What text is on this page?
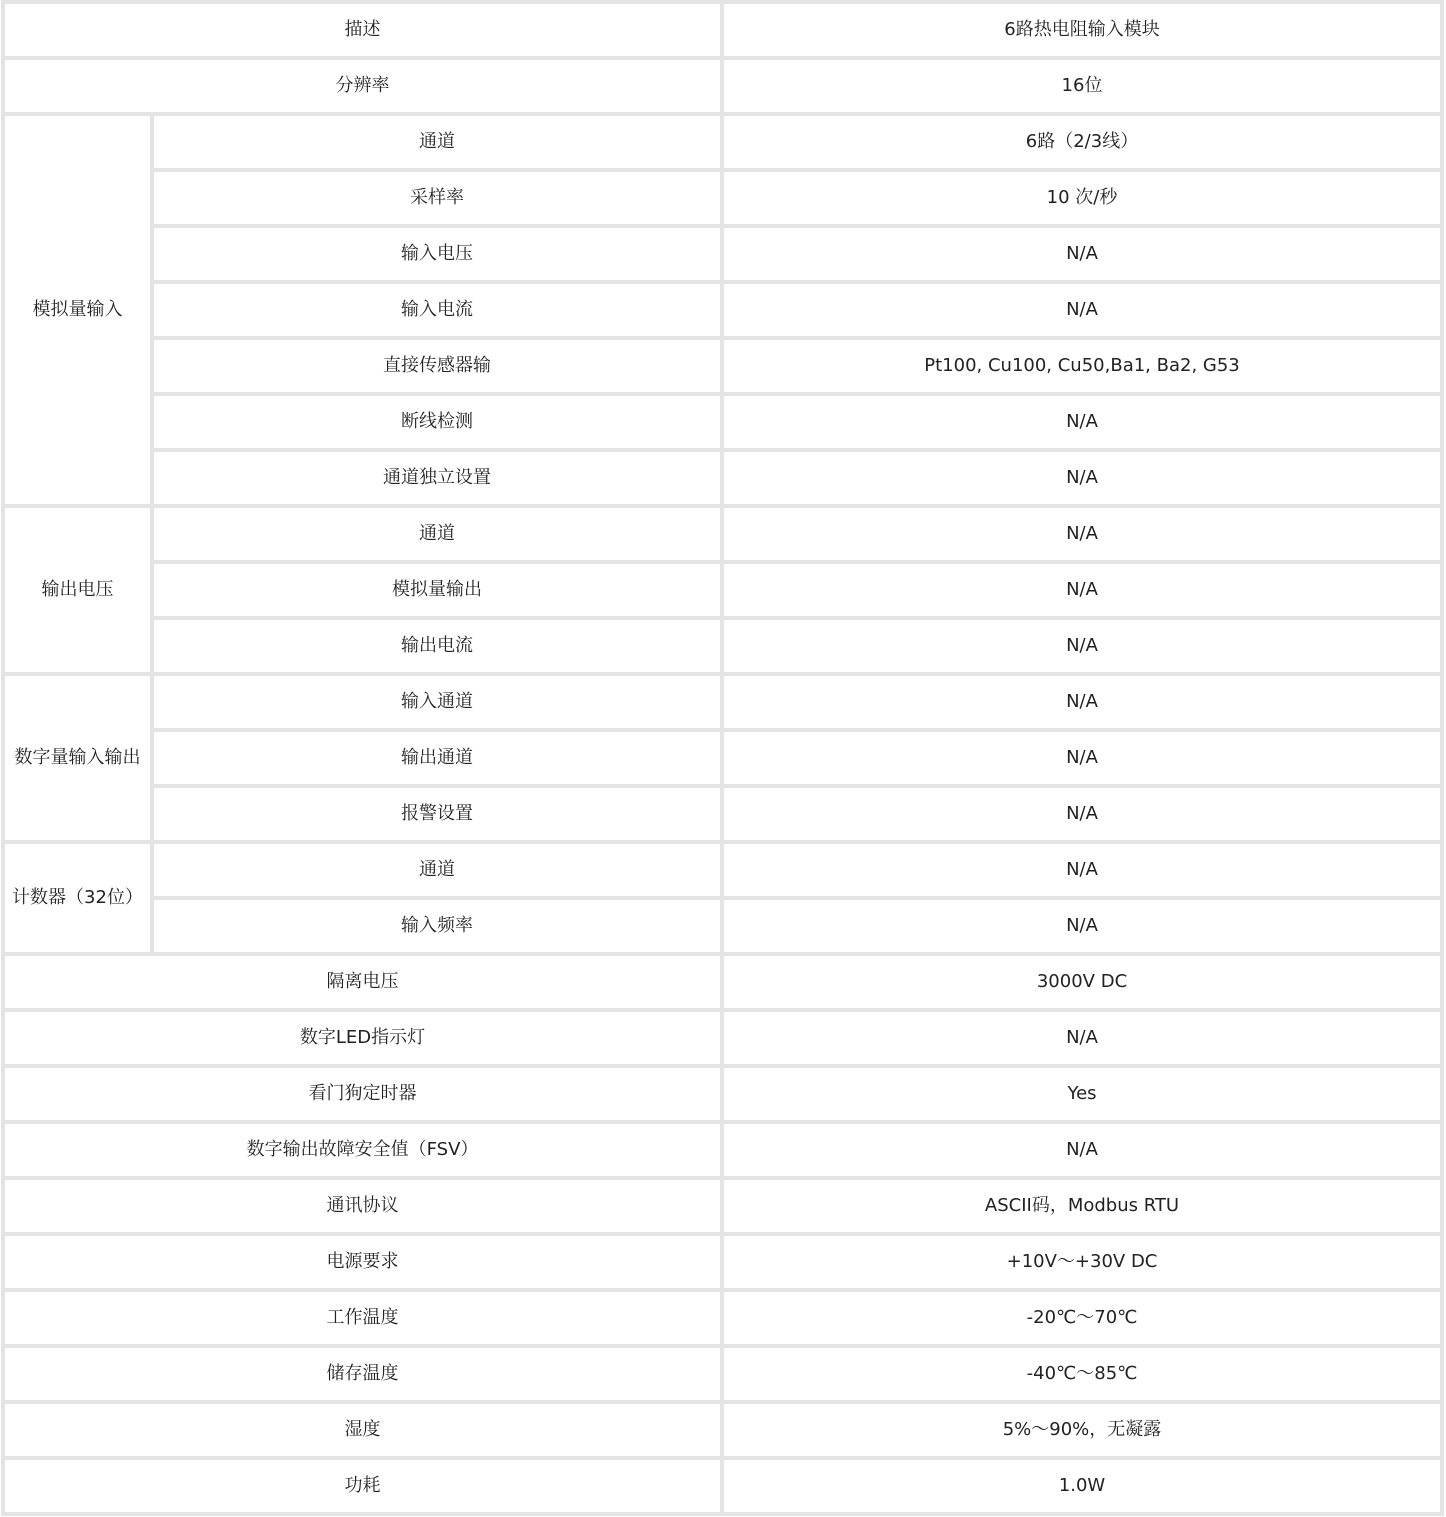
描述	6路热电阻输入模块
分辨率	16位
模拟量输入
通道	6路（2/3线）
采样率	10 次/秒
输入电压	N/A
输入电流	N/A
直接传感器输	Pt100, Cu100, Cu50,Ba1, Ba2, G53
断线检测	N/A
通道独立设置	N/A
输出电压
通道	N/A
模拟量输出	N/A
输出电流	N/A
数字量输入输出
输入通道	N/A
输出通道	N/A
报警设置	N/A
计数器（32位）
通道	N/A
输入频率	N/A
隔离电压	3000V DC
数字LED指示灯	N/A
看门狗定时器	Yes
数字输出故障安全值（FSV）	N/A
通讯协议	ASCII码，Modbus RTU
电源要求	+10V～+30V DC
工作温度	-20℃～70℃
储存温度	-40℃～85℃
湿度	5%～90%，无凝露
功耗	1.0W
